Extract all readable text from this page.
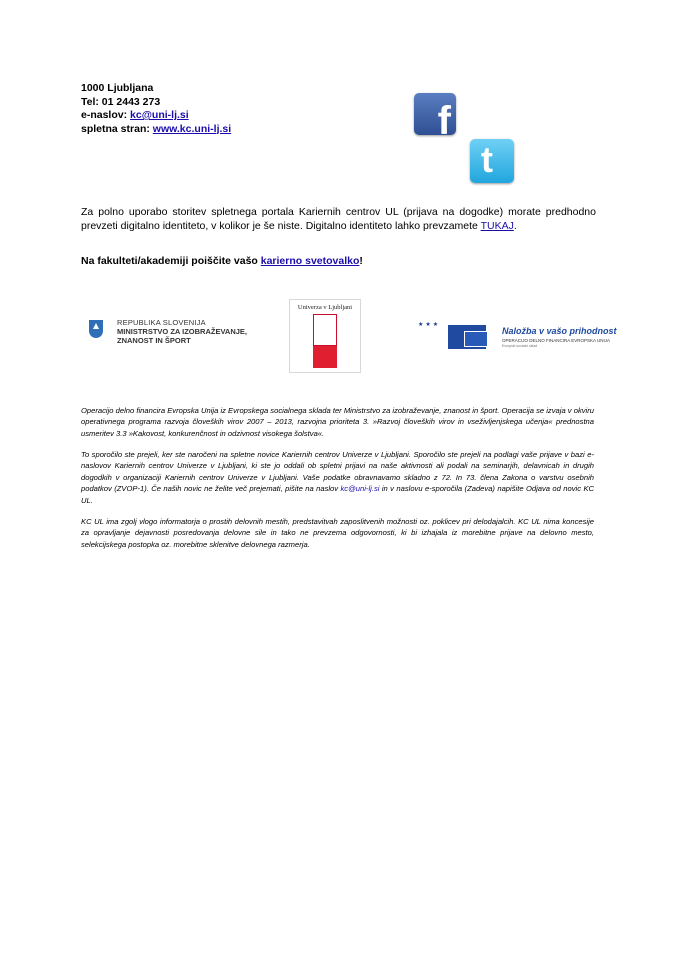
1000 Ljubljana
Tel: 01 2443 273
e-naslov: kc@uni-lj.si
spletna stran: www.kc.uni-lj.si	f
t
Za polno uporabo storitev spletnega portala Kariernih centrov UL (prijava na dogodke) morate predhodno prevzeti digitalno identiteto, v kolikor je še niste. Digitalno identiteto lahko prevzamete TUKAJ.
Na fakulteti/akademiji poiščite vašo karierno svetovalko!
REPUBLIKA SLOVENIJA
MINISTRSTVO ZA IZOBRAŽEVANJE,
ZNANOST IN ŠPORT
Univerza v Ljubljani
★★★
Naložba v vašo prihodnost
OPERACIJO DELNO FINANCIRA EVROPSKA UNIJA
Evropski socialni sklad
Operacijo delno financira Evropska Unija iz Evropskega socialnega sklada ter Ministrstvo za izobraževanje, znanost in šport. Operacija se izvaja v okviru operativnega programa razvoja človeških virov 2007 – 2013, razvojna prioriteta 3. »Razvoj človeških virov in vseživljenjskega učenja« prednostna usmeritev 3.3 »Kakovost, konkurenčnost in odzivnost visokega šolstva«.
To sporočilo ste prejeli, ker ste naročeni na spletne novice Kariernih centrov Univerze v Ljubljani. Sporočilo ste prejeli na podlagi vaše prijave v bazi e-naslovov Kariernih centrov Univerze v Ljubljani, ki ste jo oddali ob spletni prijavi na naše aktivnosti ali podali na seminarjih, delavnicah in drugih dogodkih v organizaciji Kariernih centrov Univerze v Ljubljani. Vaše podatke obravnavamo skladno z 72. In 73. člena Zakona o varstvu osebnih podatkov (ZVOP-1). Če naših novic ne želite več prejemati, pišite na naslov kc@uni-lj.si in v naslovu e-sporočila (Zadeva) napišite Odjava od novic KC UL.
KC UL ima zgolj vlogo informatorja o prostih delovnih mestih, predstavitvah zaposlitvenih možnosti oz. poklicev pri delodajalcih. KC UL nima koncesije za opravljanje dejavnosti posredovanja delovne sile in tako ne prevzema odgovornosti, ki bi izhajala iz morebitne prijave na delovno mesto, selekcijskega postopka oz. morebitne sklenitve delovnega razmerja.
